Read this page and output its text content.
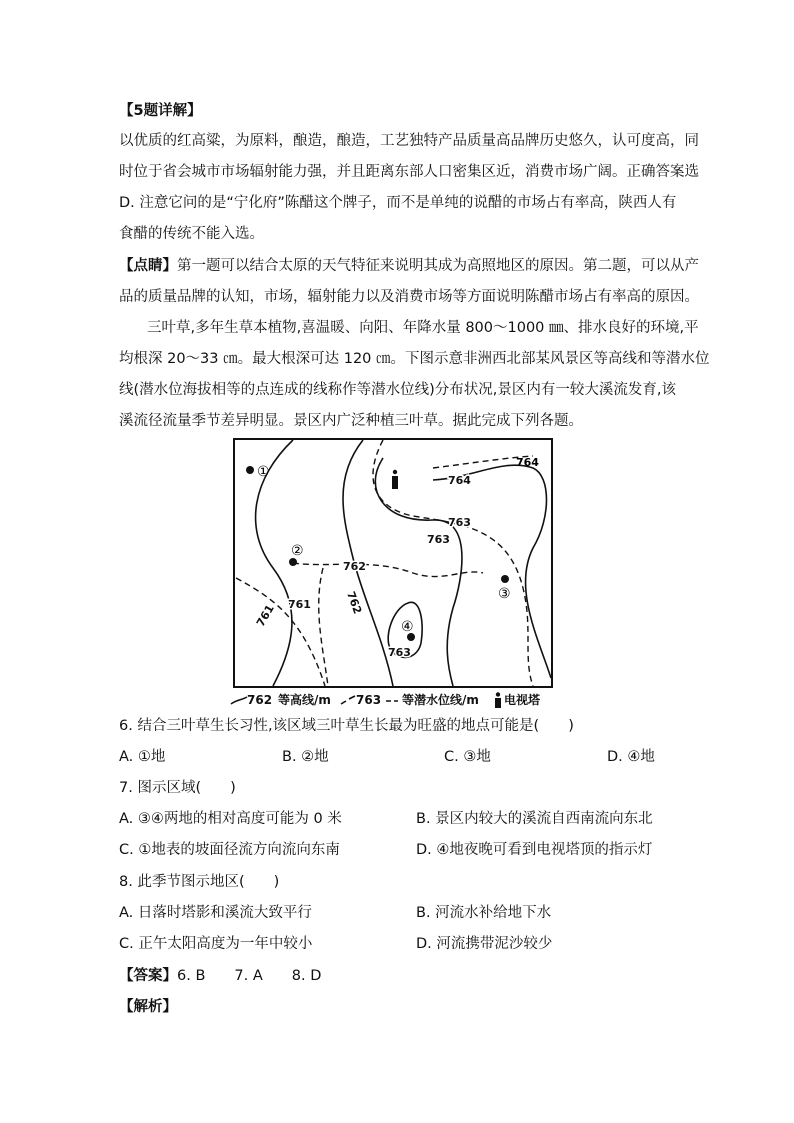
【5题详解】
以优质的红高粱，为原料，酿造，酿造，工艺独特产品质量高品牌历史悠久，认可度高，同
时位于省会城市市场辐射能力强，并且距离东部人口密集区近，消费市场广阔。正确答案选
D. 注意它问的是“宁化府”陈醋这个牌子，而不是单纯的说醋的市场占有率高，陕西人有
食醋的传统不能入选。
【点睛】第一题可以结合太原的天气特征来说明其成为高照地区的原因。第二题，可以从产
品的质量品牌的认知，市场，辐射能力以及消费市场等方面说明陈醋市场占有率高的原因。
三叶草,多年生草本植物,喜温暖、向阳、年降水量 800～1000 ㎜、排水良好的环境,平
均根深 20～33 ㎝。最大根深可达 120 ㎝。下图示意非洲西北部某风景区等高线和等潜水位
线(潜水位海拔相等的点连成的线称作等潜水位线)分布状况,景区内有一较大溪流发育,该
溪流径流量季节差异明显。景区内广泛种植三叶草。据此完成下列各题。
764
764
763
763
762
762
761
761
763
①
②
③
④
762 等高线/m 763 等潜水位线/m 电视塔
6. 结合三叶草生长习性,该区域三叶草生长最为旺盛的地点可能是(　　)
A. ①地	B. ②地	C. ③地	D. ④地
7. 图示区域(　　)
A. ③④两地的相对高度可能为 0 米	B. 景区内较大的溪流自西南流向东北
C. ①地表的坡面径流方向流向东南	D. ④地夜晚可看到电视塔顶的指示灯
8. 此季节图示地区(　　)
A. 日落时塔影和溪流大致平行	B. 河流水补给地下水
C. 正午太阳高度为一年中较小	D. 河流携带泥沙较少
【答案】6. B　　7. A　　8. D
【解析】
